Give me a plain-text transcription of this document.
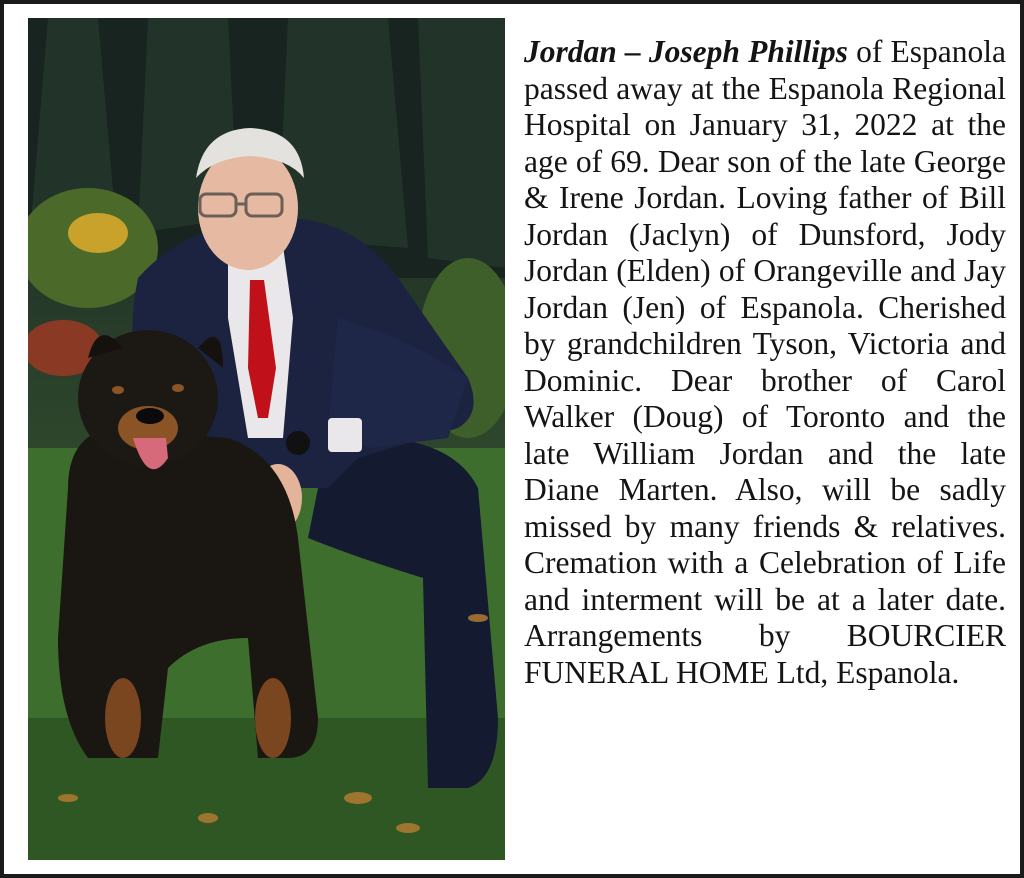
Jordan – Joseph Phillips of Espanola passed away at the Espanola Regional Hospital on January 31, 2022 at the age of 69. Dear son of the late George & Irene Jordan. Loving father of Bill Jordan (Jaclyn) of Dunsford, Jody Jordan (Elden) of Orangeville and Jay Jordan (Jen) of Espanola. Cherished by grandchildren Tyson, Victoria and Dominic. Dear brother of Carol Walker (Doug) of Toronto and the late William Jordan and the late Diane Marten. Also, will be sadly missed by many friends & relatives. Cremation with a Celebration of Life and interment will be at a later date. Arrangements by BOURCIER FUNERAL HOME Ltd, Espanola.
